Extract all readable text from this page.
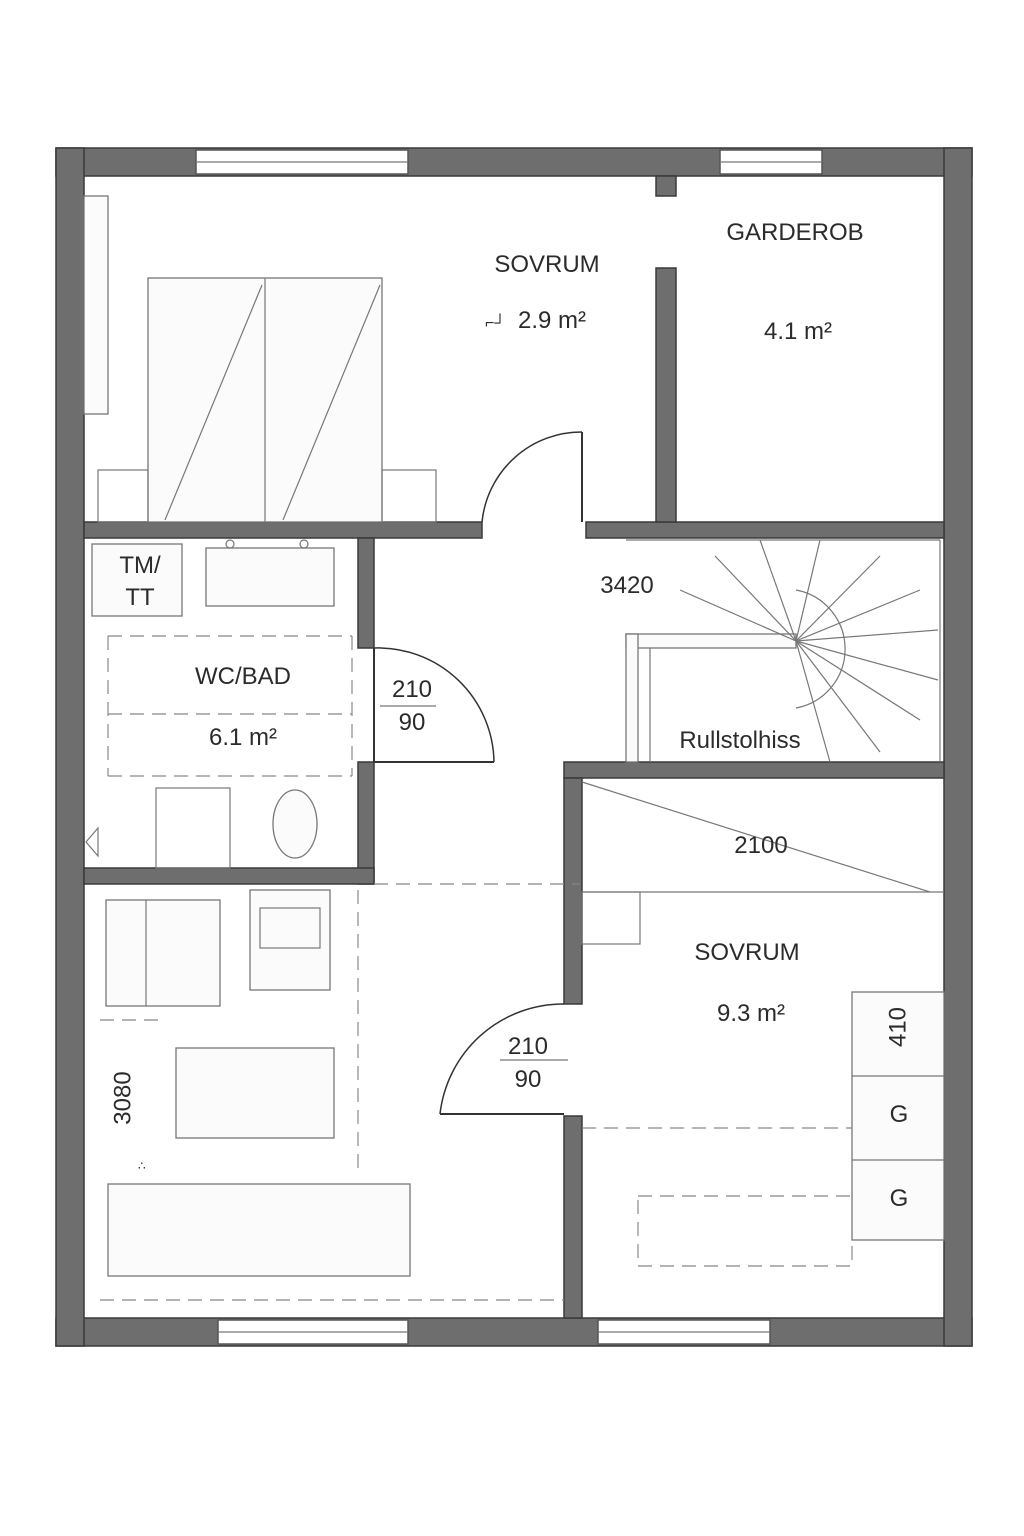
SOVRUM
⌐┘ 2.9 m²
GARDEROB
4.1 m²
TM/
TT
WC/BAD
6.1 m²
210
90
3420
Rullstolhiss
2100
SOVRUM
9.3 m²	410
G
G
210
90
3080
∴
